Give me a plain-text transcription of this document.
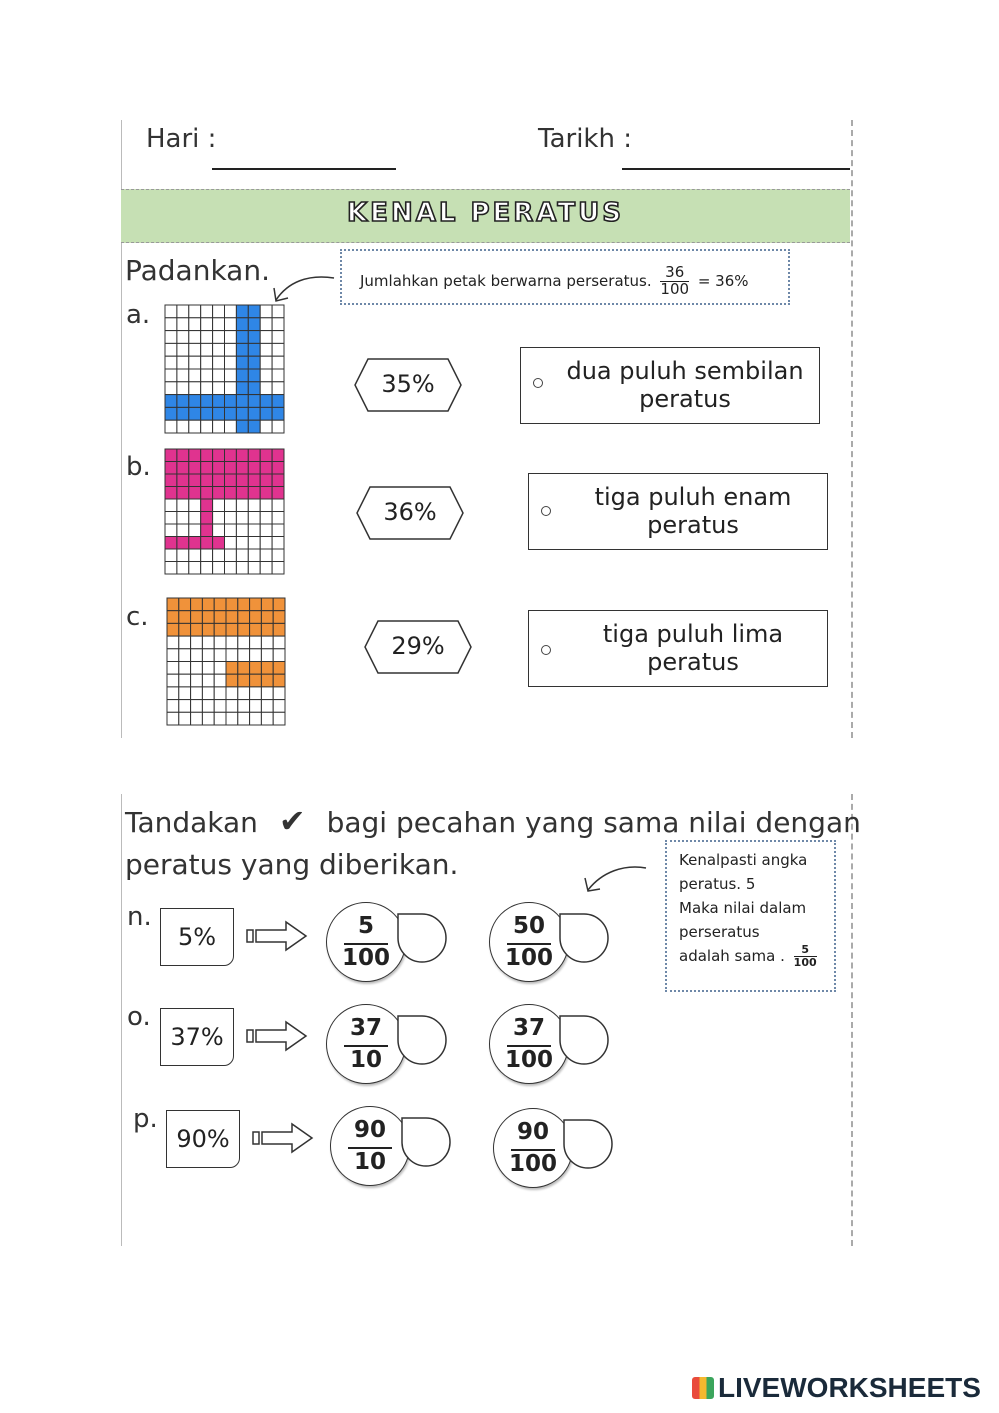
Hari :	Tarikh :
KENAL PERATUS
Padankan.	Jumlahkan petak berwarna perseratus. $\frac{36}{100} = 36\%$
a.
b.
c.
35%
36%
29%
dua puluh sembilan
peratus
tiga puluh enam
peratus
tiga puluh lima
peratus
Tandakan ✔ bagi pecahan yang sama nilai dengan
peratus yang diberikan.	Kenalpasti angka
peratus. 5
Maka nilai dalam
perseratus
adalah sama . $\frac{5}{100}$
n.
5%	5
100
50
100
o.
37%	37
10
37
100
p.
90%	90
10
90
100
LIVEWORKSHEETS
